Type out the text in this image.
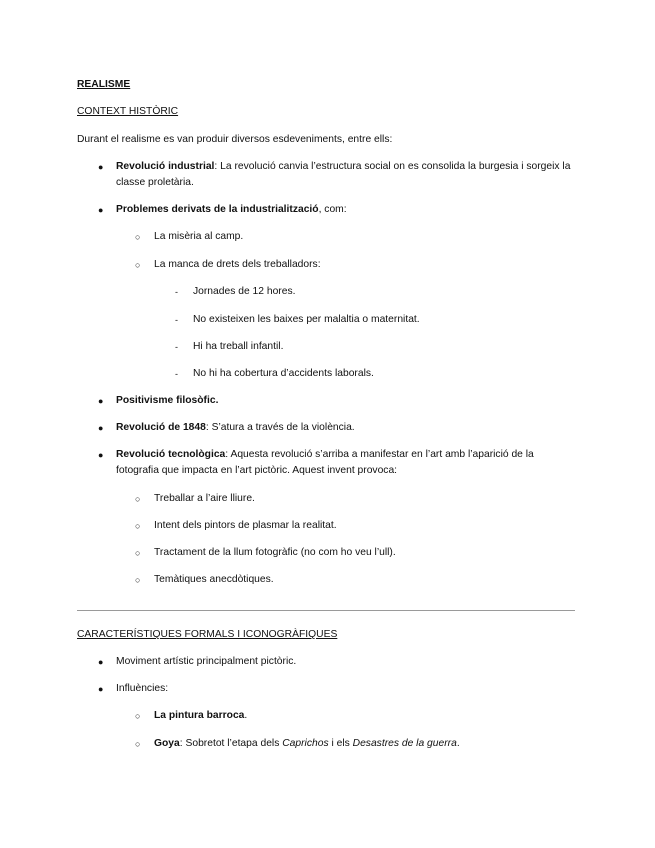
REALISME
CONTEXT HISTÒRIC
Durant el realisme es van produir diversos esdeveniments, entre ells:
● Revolució industrial: La revolució canvia l’estructura social on es consolida la burgesia i sorgeix la
classe proletària.
● Problemes derivats de la industrialització, com:
○ La misèria al camp.
○ La manca de drets dels treballadors:
- Jornades de 12 hores.
- No existeixen les baixes per malaltia o maternitat.
- Hi ha treball infantil.
- No hi ha cobertura d’accidents laborals.
● Positivisme filosòfic.
● Revolució de 1848: S’atura a través de la violència.
● Revolució tecnològica: Aquesta revolució s’arriba a manifestar en l’art amb l’aparició de la
fotografia que impacta en l’art pictòric. Aquest invent provoca:
○ Treballar a l’aire lliure.
○ Intent dels pintors de plasmar la realitat.
○ Tractament de la llum fotogràfic (no com ho veu l’ull).
○ Temàtiques anecdòtiques.
CARACTERÍSTIQUES FORMALS I ICONOGRÀFIQUES
● Moviment artístic principalment pictòric.
● Influències:
○ La pintura barroca.
○ Goya: Sobretot l’etapa dels Caprichos i els Desastres de la guerra.
